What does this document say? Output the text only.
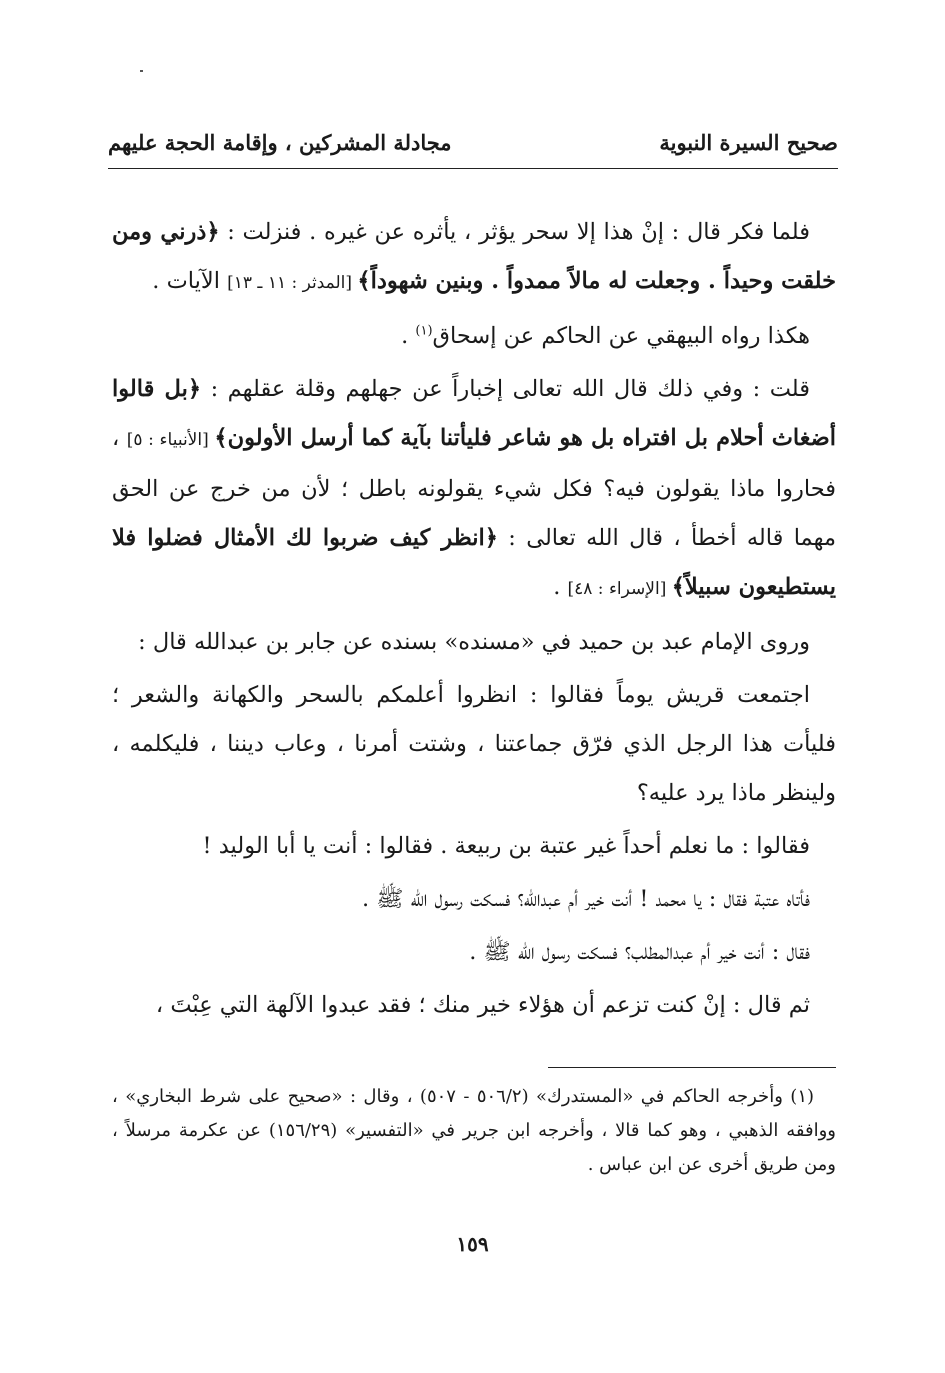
صحيح السيرة النبوية
مجادلة المشركين ، وإقامة الحجة عليهم

فلما فكر قال : إنْ هذا إلا سحر يؤثر ، يأثره عن غيره . فنزلت : ﴿ذرني ومن خلقت وحيداً . وجعلت له مالاً ممدواً . وبنين شهوداً﴾ [المدثر : ١١ ـ ١٣] الآيات .

هكذا رواه البيهقي عن الحاكم عن إسحاق$^{(١)}$ .

قلت : وفي ذلك قال الله تعالى إخباراً عن جهلهم وقلة عقلهم : ﴿بل قالوا أضغاث أحلام بل افتراه بل هو شاعر فليأتنا بآية كما أرسل الأولون﴾ [الأنبياء : ٥] ، فحاروا ماذا يقولون فيه؟ فكل شيء يقولونه باطل ؛ لأن من خرج عن الحق مهما قاله أخطأ ، قال الله تعالى : ﴿انظر كيف ضربوا لك الأمثال فضلوا فلا يستطيعون سبيلاً﴾ [الإسراء : ٤٨] .

وروى الإمام عبد بن حميد في «مسنده» بسنده عن جابر بن عبدالله قال :

اجتمعت قريش يوماً فقالوا : انظروا أعلمكم بالسحر والكهانة والشعر ؛ فليأت هذا الرجل الذي فرّق جماعتنا ، وشتت أمرنا ، وعاب ديننا ، فليكلمه ، ولينظر ماذا يرد عليه؟

فقالوا : ما نعلم أحداً غير عتبة بن ربيعة . فقالوا : أنت يا أبا الوليد !

فأتاه عتبة فقال : يا محمد ! أنت خير أم عبدالله؟ فسكت رسول الله ﷺ .

فقال : أنت خير أم عبدالمطلب؟ فسكت رسول الله ﷺ .

ثم قال : إنْ كنت تزعم أن هؤلاء خير منك ؛ فقد عبدوا الآلهة التي عِبْتَ ،

(١) وأخرجه الحاكم في «المستدرك» (٥٠٦/٢ - ٥٠٧) ، وقال : «صحيح على شرط البخاري» ، ووافقه الذهبي ، وهو كما قالا ، وأخرجه ابن جرير في «التفسير» (١٥٦/٢٩) عن عكرمة مرسلاً ، ومن طريق أخرى عن ابن عباس .

١٥٩
